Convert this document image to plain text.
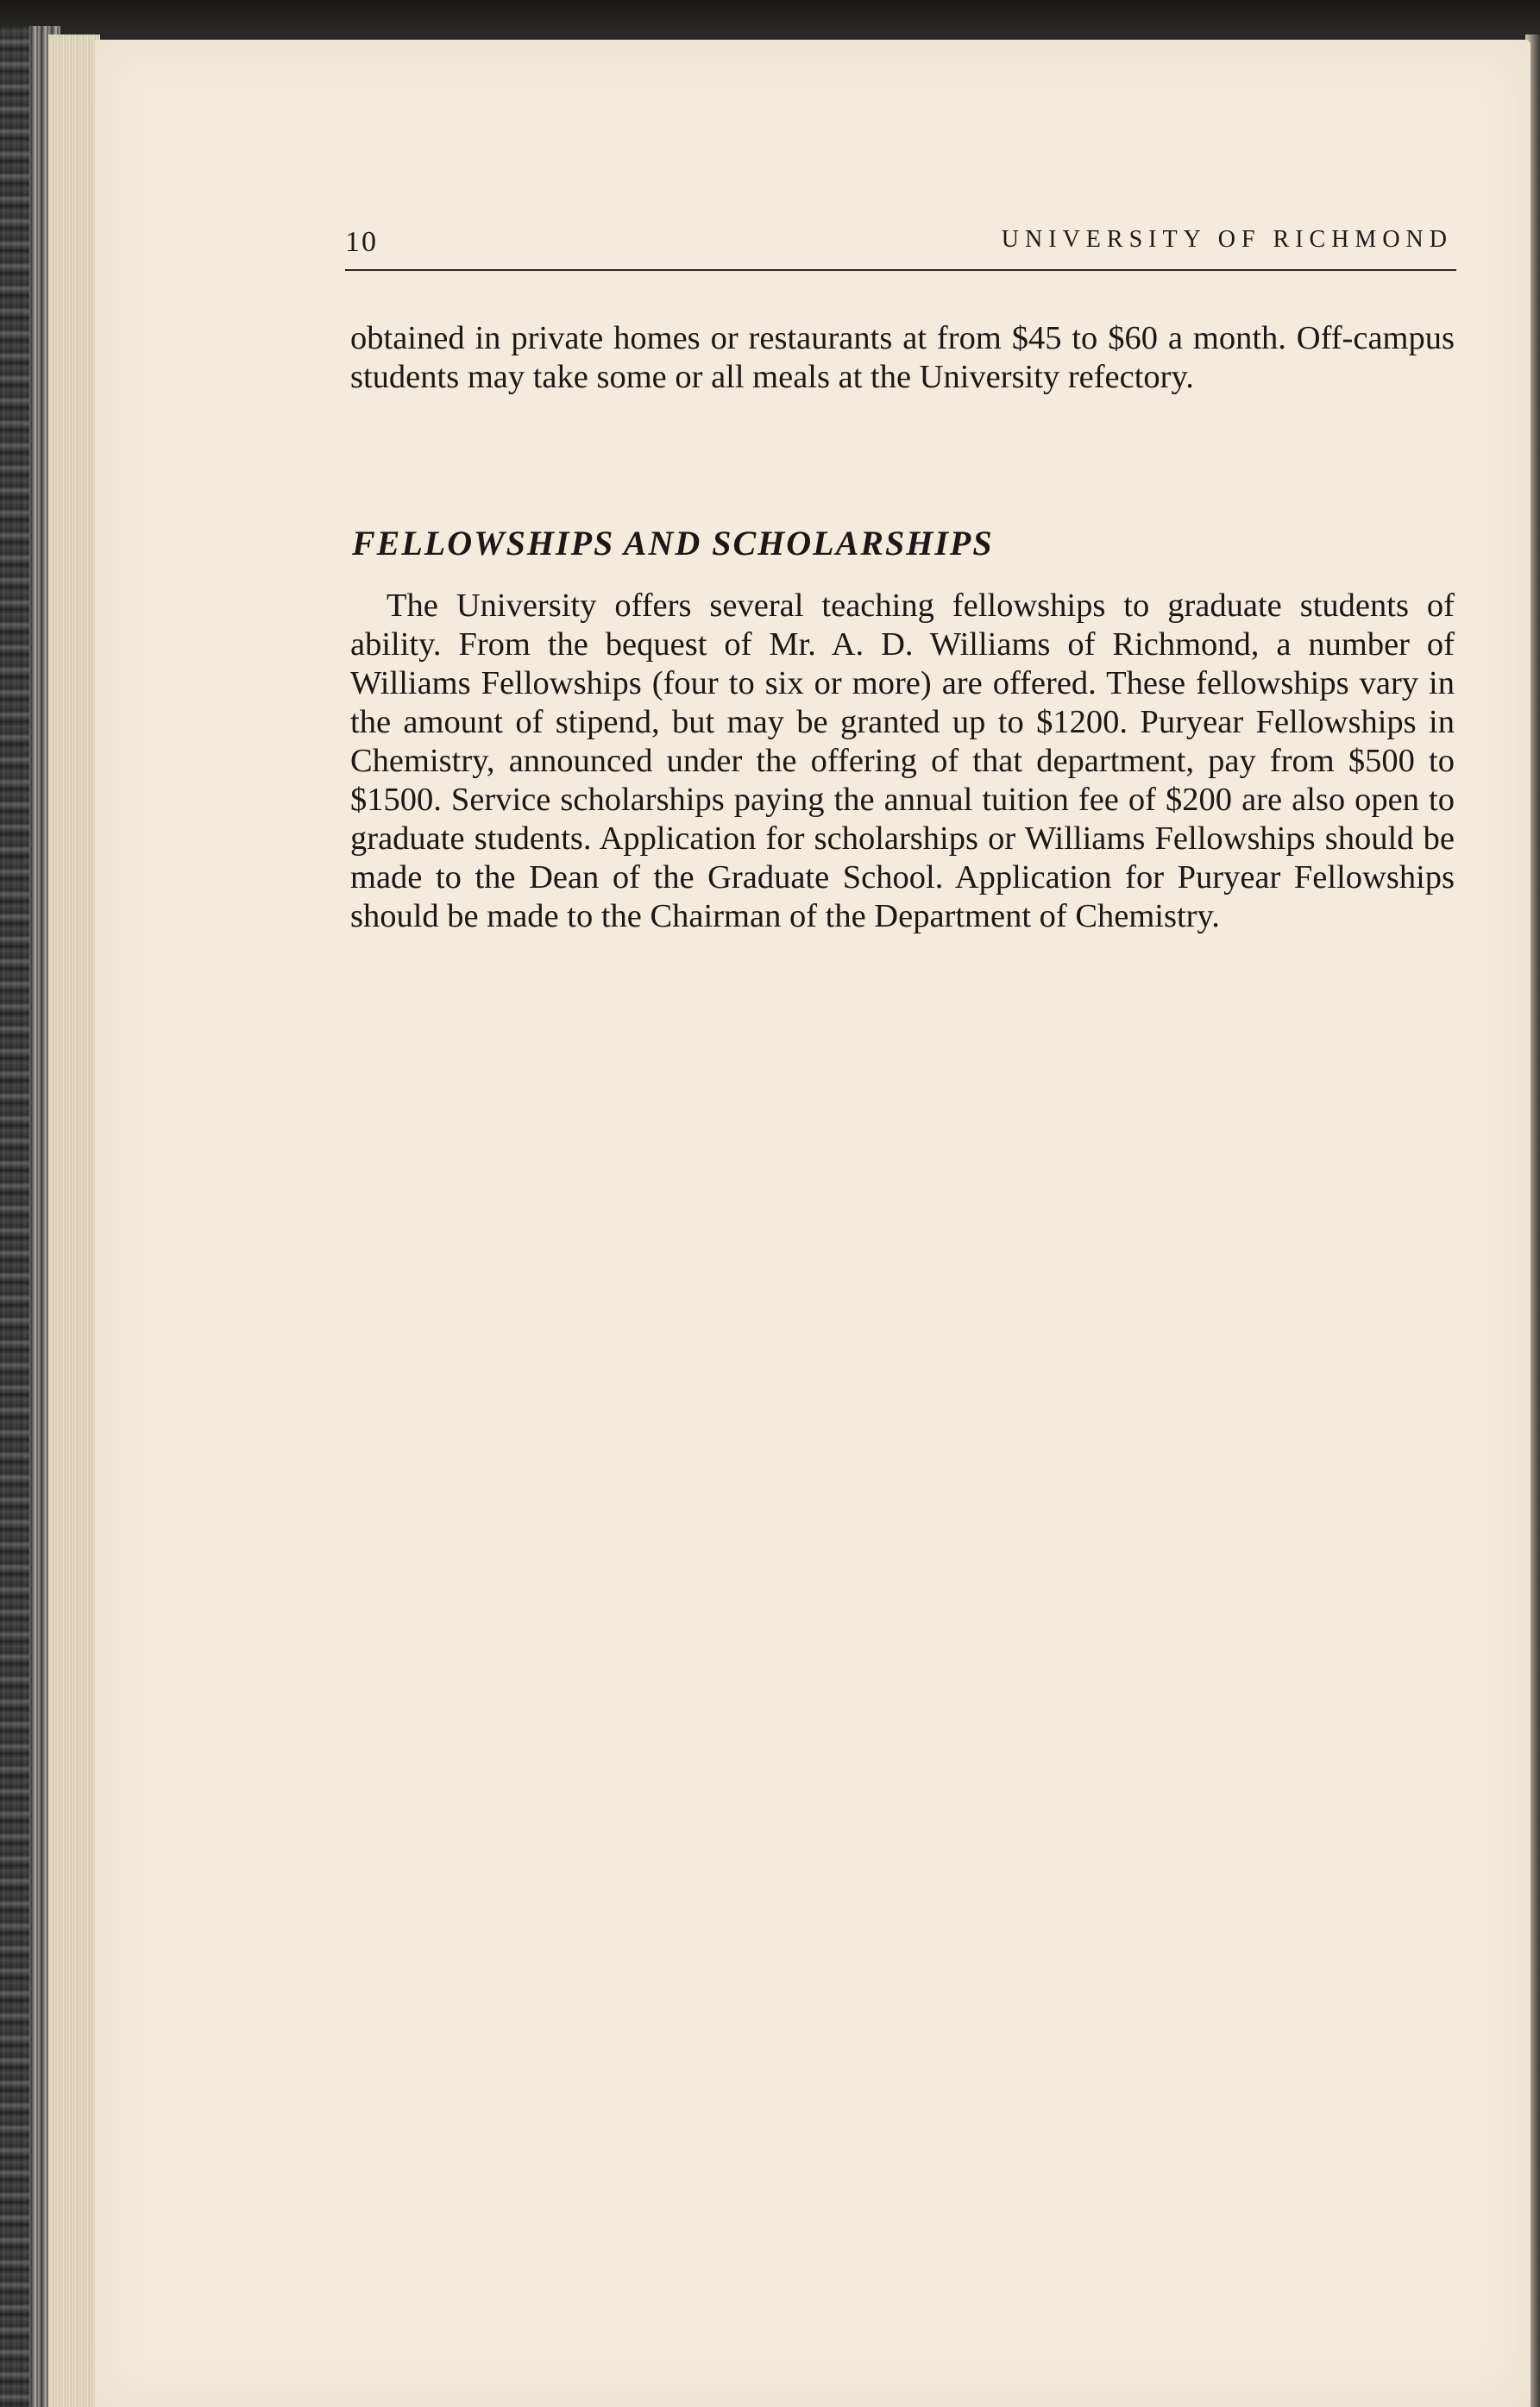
10	UNIVERSITY OF RICHMOND

obtained in private homes or restaurants at from $45 to $60 a month. Off-campus students may take some or all meals at the University refectory.

FELLOWSHIPS AND SCHOLARSHIPS

The University offers several teaching fellowships to graduate students of ability. From the bequest of Mr. A. D. Williams of Richmond, a number of Williams Fellowships (four to six or more) are offered. These fellowships vary in the amount of stipend, but may be granted up to $1200. Puryear Fellowships in Chemistry, announced under the offering of that department, pay from $500 to $1500. Service scholarships paying the annual tuition fee of $200 are also open to graduate students. Application for scholarships or Williams Fellowships should be made to the Dean of the Graduate School. Application for Puryear Fellowships should be made to the Chairman of the Department of Chemistry.
